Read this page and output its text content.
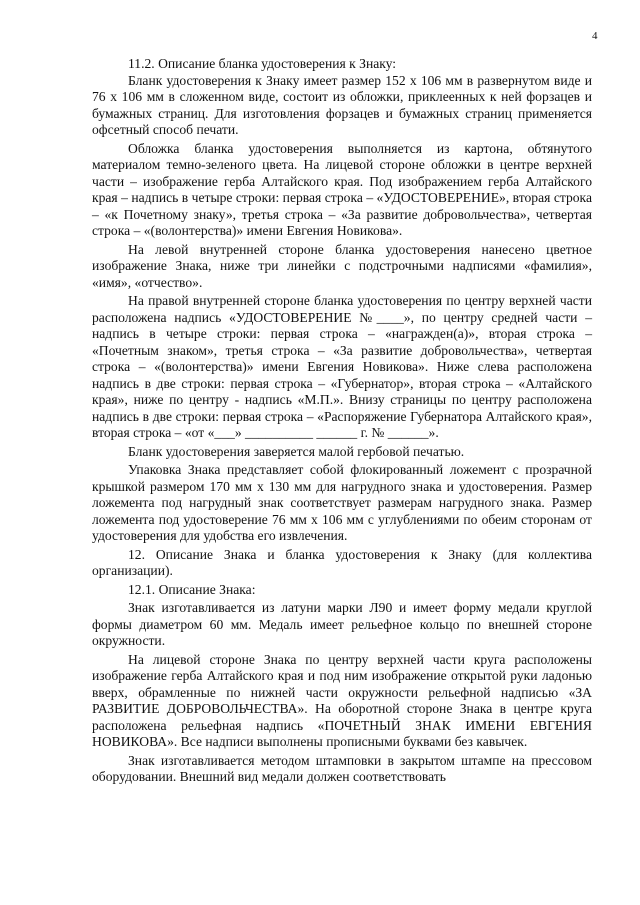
4

11.2. Описание бланка удостоверения к Знаку:

Бланк удостоверения к Знаку имеет размер 152 х 106 мм в развернутом виде и 76 х 106 мм в сложенном виде, состоит из обложки, приклеенных к ней форзацев и бумажных страниц. Для изготовления форзацев и бумажных страниц применяется офсетный способ печати.

Обложка бланка удостоверения выполняется из картона, обтянутого материалом темно-зеленого цвета. На лицевой стороне обложки в центре верхней части – изображение герба Алтайского края. Под изображением герба Алтайского края – надпись в четыре строки: первая строка – «УДОСТОВЕРЕНИЕ», вторая строка – «к Почетному знаку», третья строка – «За развитие добровольчества», четвертая строка – «(волонтерства)» имени Евгения Новикова».

На левой внутренней стороне бланка удостоверения нанесено цветное изображение Знака, ниже три линейки с подстрочными надписями «фамилия», «имя», «отчество».

На правой внутренней стороне бланка удостоверения по центру верхней части расположена надпись «УДОСТОВЕРЕНИЕ №____», по центру средней части – надпись в четыре строки: первая строка – «награжден(а)», вторая строка – «Почетным знаком», третья строка – «За развитие добровольчества», четвертая строка – «(волонтерства)» имени Евгения Новикова». Ниже слева расположена надпись в две строки: первая строка – «Губернатор», вторая строка – «Алтайского края», ниже по центру - надпись «М.П.». Внизу страницы по центру расположена надпись в две строки: первая строка – «Распоряжение Губернатора Алтайского края», вторая строка – «от «___» __________ ______ г. № ______».

Бланк удостоверения заверяется малой гербовой печатью.

Упаковка Знака представляет собой флокированный ложемент с прозрачной крышкой размером 170 мм х 130 мм для нагрудного знака и удостоверения. Размер ложемента под нагрудный знак соответствует размерам нагрудного знака. Размер ложемента под удостоверение 76 мм х 106 мм с углублениями по обеим сторонам от удостоверения для удобства его извлечения.

12. Описание Знака и бланка удостоверения к Знаку (для коллектива организации).

12.1. Описание Знака:

Знак изготавливается из латуни марки Л90 и имеет форму медали круглой формы диаметром 60 мм. Медаль имеет рельефное кольцо по внешней стороне окружности.

На лицевой стороне Знака по центру верхней части круга расположены изображение герба Алтайского края и под ним изображение открытой руки ладонью вверх, обрамленные по нижней части окружности рельефной надписью «ЗА РАЗВИТИЕ ДОБРОВОЛЬЧЕСТВА». На оборотной стороне Знака в центре круга расположена рельефная надпись «ПОЧЕТНЫЙ ЗНАК ИМЕНИ ЕВГЕНИЯ НОВИКОВА». Все надписи выполнены прописными буквами без кавычек.

Знак изготавливается методом штамповки в закрытом штампе на прессовом оборудовании. Внешний вид медали должен соответствовать
